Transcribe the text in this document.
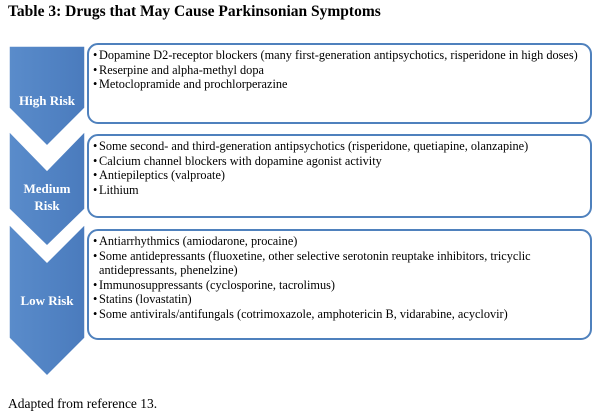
Table 3: Drugs that May Cause Parkinsonian Symptoms
High Risk
Medium
Risk
Low Risk
• Dopamine D2-receptor blockers (many first-generation antipsychotics, risperidone in high doses)
• Reserpine and alpha-methyl dopa
• Metoclopramide and prochlorperazine
• Some second- and third-generation antipsychotics (risperidone, quetiapine, olanzapine)
• Calcium channel blockers with dopamine agonist activity
• Antiepileptics (valproate)
• Lithium
• Antiarrhythmics (amiodarone, procaine)
• Some antidepressants (fluoxetine, other selective serotonin reuptake inhibitors, tricyclic antidepressants, phenelzine)
• Immunosuppressants (cyclosporine, tacrolimus)
• Statins (lovastatin)
• Some antivirals/antifungals (cotrimoxazole, amphotericin B, vidarabine, acyclovir)
Adapted from reference 13.
